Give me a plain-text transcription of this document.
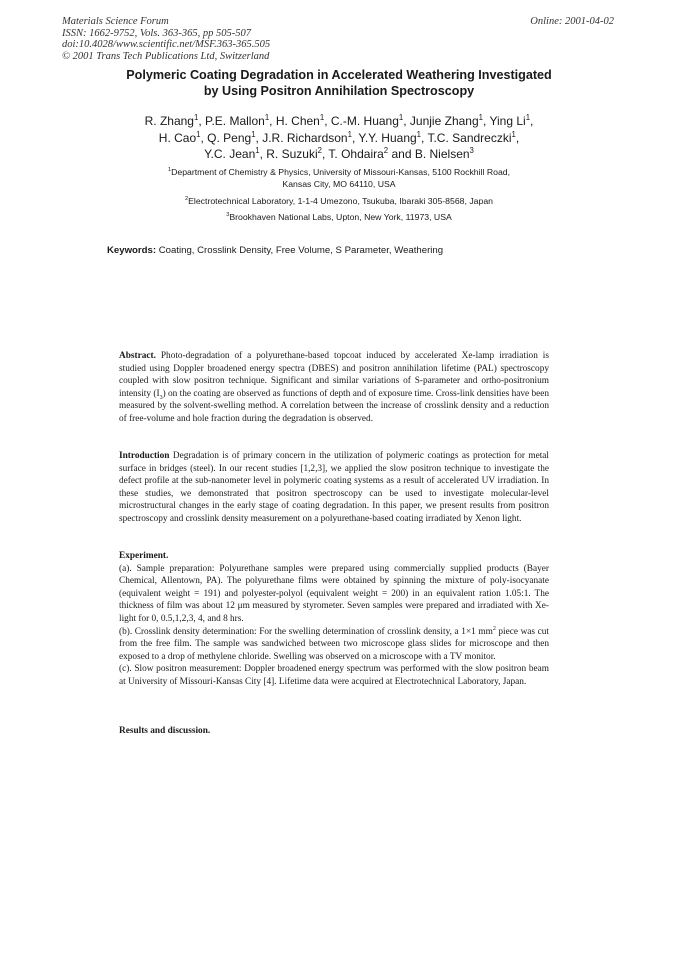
Materials Science Forum
ISSN: 1662-9752, Vols. 363-365, pp 505-507
doi:10.4028/www.scientific.net/MSF.363-365.505
© 2001 Trans Tech Publications Ltd, Switzerland
Online: 2001-04-02
Polymeric Coating Degradation in Accelerated Weathering Investigated
by Using Positron Annihilation Spectroscopy
R. Zhang$^1$, P.E. Mallon$^1$, H. Chen$^1$, C.-M. Huang$^1$, Junjie Zhang$^1$, Ying Li$^1$,
H. Cao$^1$, Q. Peng$^1$, J.R. Richardson$^1$, Y.Y. Huang$^1$, T.C. Sandreczki$^1$,
Y.C. Jean$^1$, R. Suzuki$^2$, T. Ohdaira$^2$ and B. Nielsen$^3$
$^1$Department of Chemistry & Physics, University of Missouri-Kansas, 5100 Rockhill Road,
Kansas City, MO 64110, USA
$^2$Electrotechnical Laboratory, 1-1-4 Umezono, Tsukuba, Ibaraki 305-8568, Japan
$^3$Brookhaven National Labs, Upton, New York, 11973, USA
Keywords: Coating, Crosslink Density, Free Volume, S Parameter, Weathering
Abstract. Photo-degradation of a polyurethane-based topcoat induced by accelerated Xe-lamp irradiation is studied using Doppler broadened energy spectra (DBES) and positron annihilation lifetime (PAL) spectroscopy coupled with slow positron technique. Significant and similar variations of S-parameter and ortho-positronium intensity $(I_3)$ on the coating are observed as functions of depth and of exposure time. Cross-link densities have been measured by the solvent-swelling method. A correlation between the increase of crosslink density and a reduction of free-volume and hole fraction during the degradation is observed.
Introduction Degradation is of primary concern in the utilization of polymeric coatings as protection for metal surface in bridges (steel). In our recent studies [1,2,3], we applied the slow positron technique to investigate the defect profile at the sub-nanometer level in polymeric coating systems as a result of accelerated UV irradiation. In these studies, we demonstrated that positron spectroscopy can be used to investigate molecular-level microstructural changes in the early stage of coating degradation. In this paper, we present results from positron spectroscopy and crosslink density measurement on a polyurethane-based coating irradiated by Xenon light.
Experiment.
(a). Sample preparation: Polyurethane samples were prepared using commercially supplied products (Bayer Chemical, Allentown, PA). The polyurethane films were obtained by spinning the mixture of poly-isocyanate (equivalent weight = 191) and polyester-polyol (equivalent weight = 200) in an equivalent ration 1.05:1. The thickness of film was about 12 μm measured by styrometer. Seven samples were prepared and irradiated with Xe-light for 0, 0.5,1,2,3, 4, and 8 hrs.
(b). Crosslink density determination: For the swelling determination of crosslink density, a 1×1 $mm^2$ piece was cut from the free film. The sample was sandwiched between two microscope glass slides for microscope and then exposed to a drop of methylene chloride. Swelling was observed on a microscope with a TV monitor.
(c). Slow positron measurement: Doppler broadened energy spectrum was performed with the slow positron beam at University of Missouri-Kansas City [4]. Lifetime data were acquired at Electrotechnical Laboratory, Japan.
Results and discussion.
